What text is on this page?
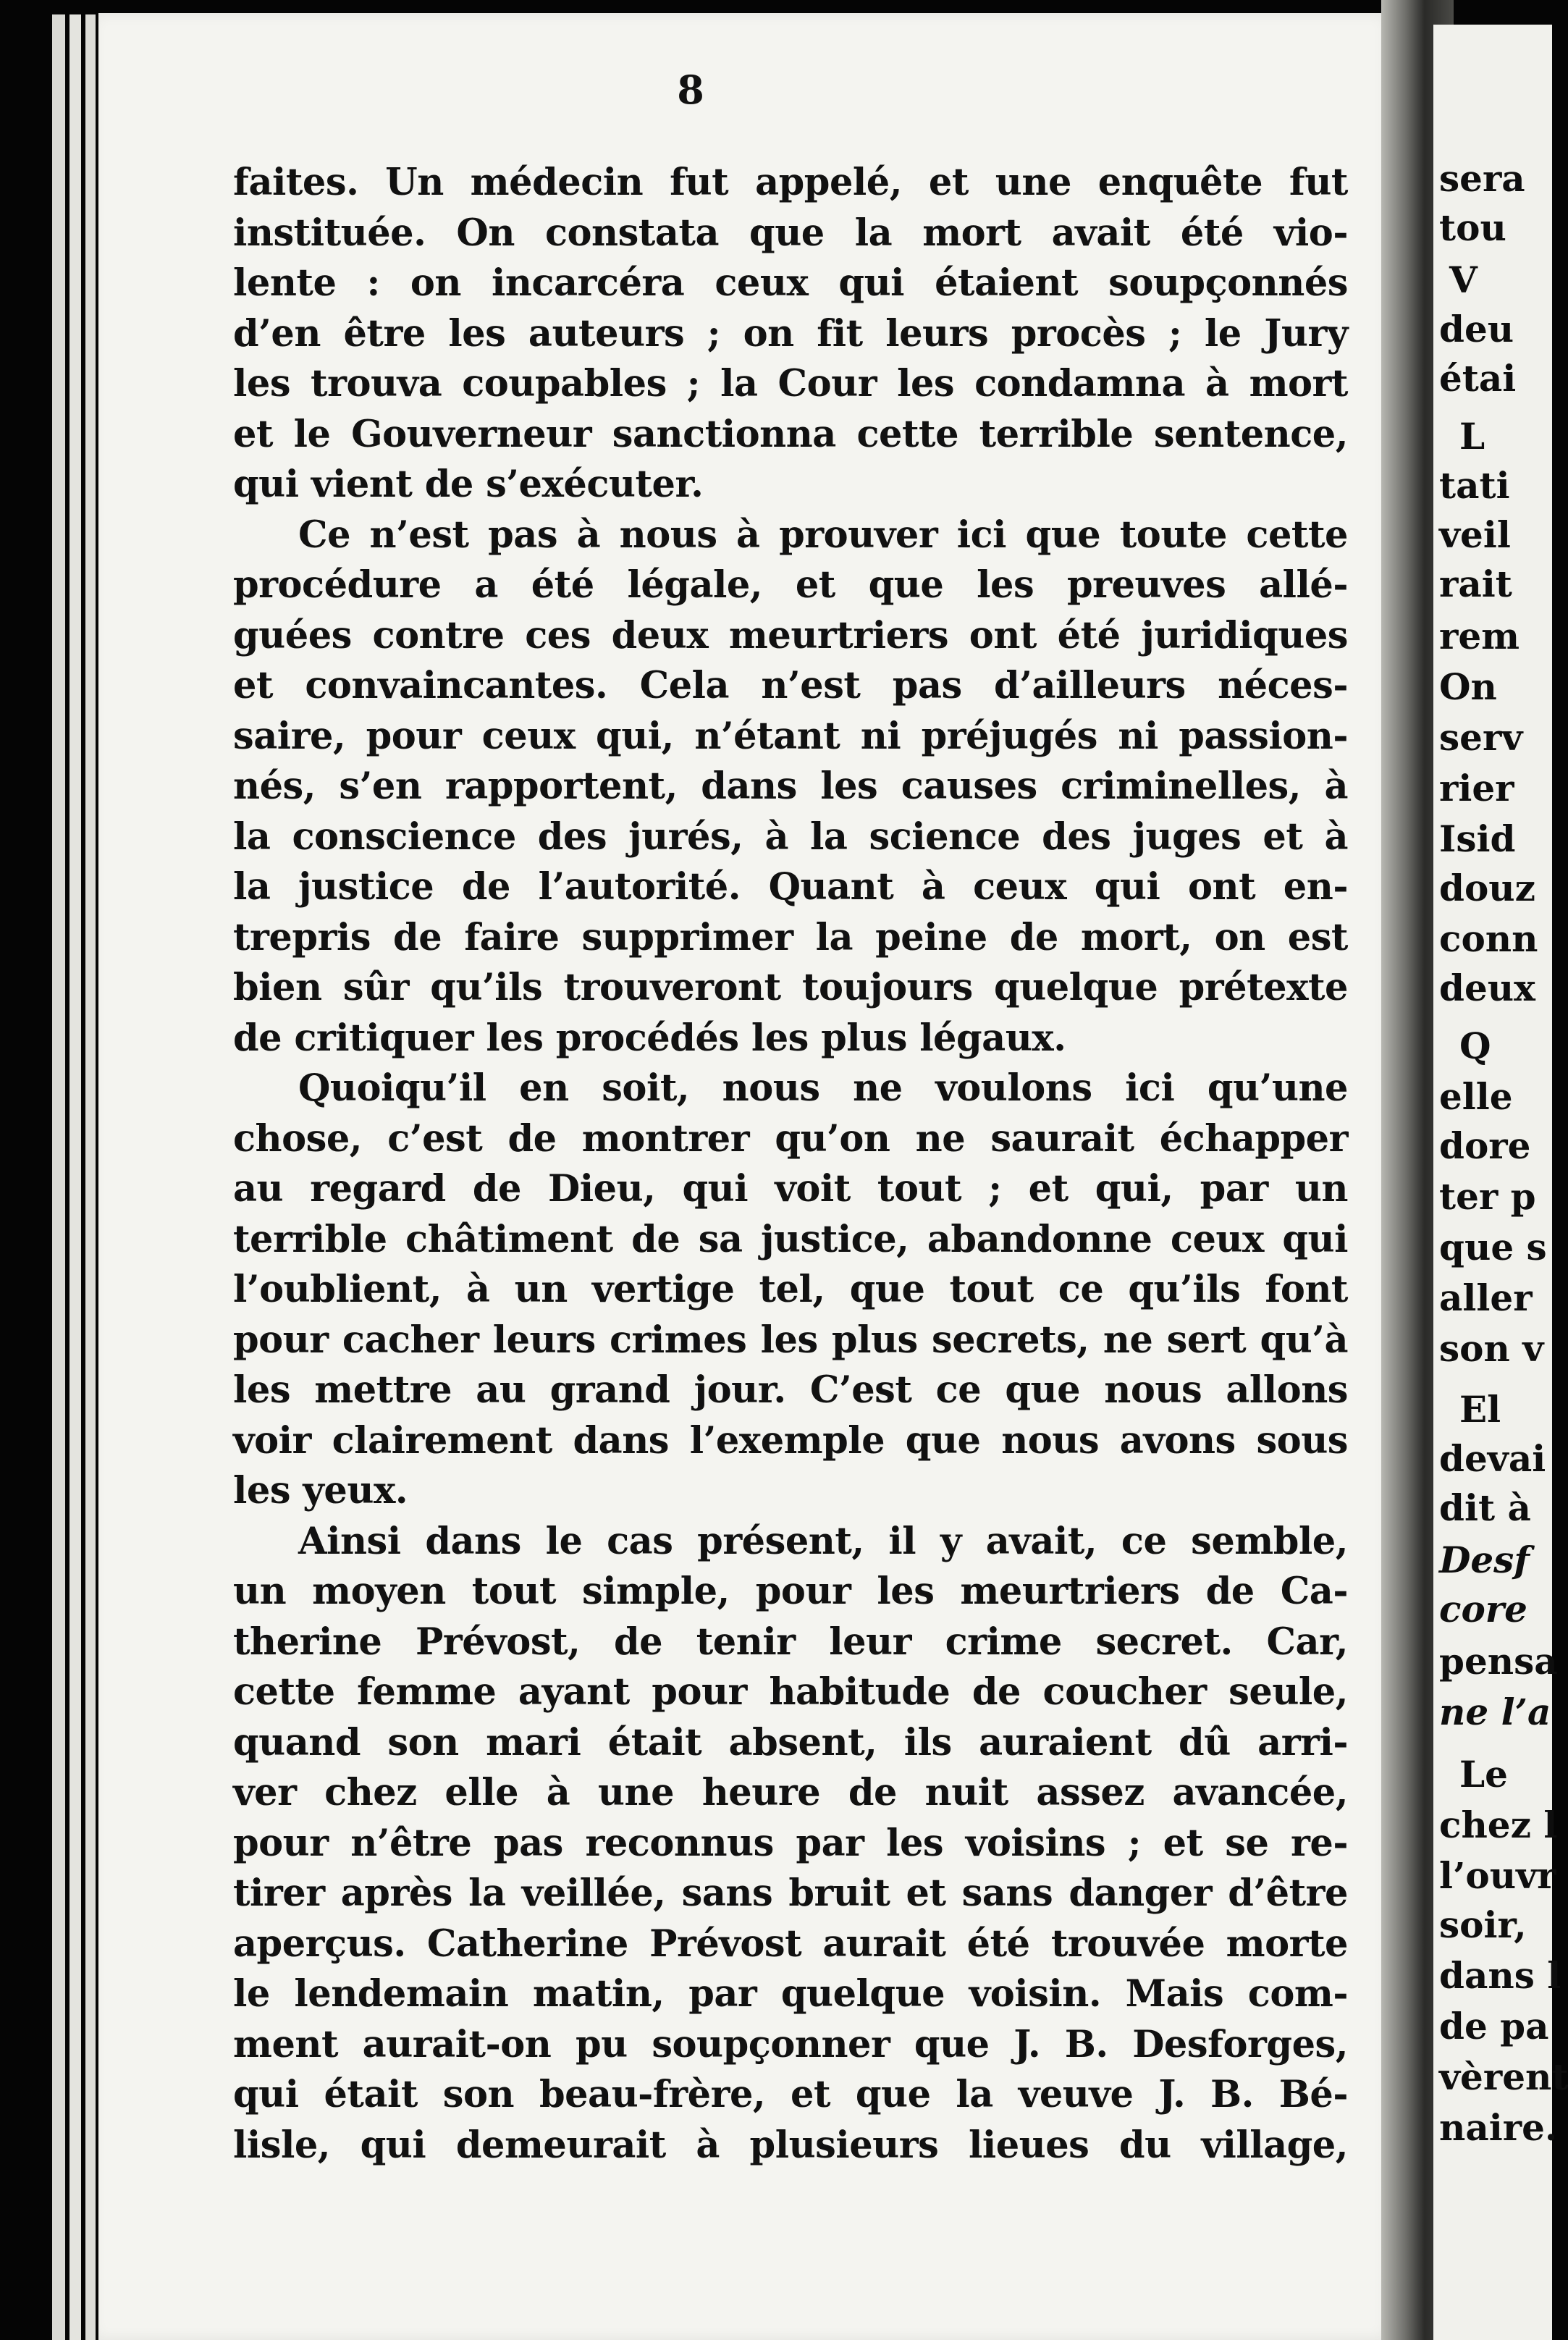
8
faites. Un médecin fut appelé, et une enquête fut
instituée. On constata que la mort avait été vio-
lente : on incarcéra ceux qui étaient soupçonnés
d’en être les auteurs ; on fit leurs procès ; le Jury
les trouva coupables ; la Cour les condamna à mort
et le Gouverneur sanctionna cette terrible sentence,
qui vient de s’exécuter.
Ce n’est pas à nous à prouver ici que toute cette
procédure a été légale, et que les preuves allé-
guées contre ces deux meurtriers ont été juridiques
et convaincantes. Cela n’est pas d’ailleurs néces-
saire, pour ceux qui, n’étant ni préjugés ni passion-
nés, s’en rapportent, dans les causes criminelles, à
la conscience des jurés, à la science des juges et à
la justice de l’autorité. Quant à ceux qui ont en-
trepris de faire supprimer la peine de mort, on est
bien sûr qu’ils trouveront toujours quelque prétexte
de critiquer les procédés les plus légaux.
Quoiqu’il en soit, nous ne voulons ici qu’une
chose, c’est de montrer qu’on ne saurait échapper
au regard de Dieu, qui voit tout ; et qui, par un
terrible châtiment de sa justice, abandonne ceux qui
l’oublient, à un vertige tel, que tout ce qu’ils font
pour cacher leurs crimes les plus secrets, ne sert qu’à
les mettre au grand jour. C’est ce que nous allons
voir clairement dans l’exemple que nous avons sous
les yeux.
Ainsi dans le cas présent, il y avait, ce semble,
un moyen tout simple, pour les meurtriers de Ca-
therine Prévost, de tenir leur crime secret. Car,
cette femme ayant pour habitude de coucher seule,
quand son mari était absent, ils auraient dû arri-
ver chez elle à une heure de nuit assez avancée,
pour n’être pas reconnus par les voisins ; et se re-
tirer après la veillée, sans bruit et sans danger d’être
aperçus. Catherine Prévost aurait été trouvée morte
le lendemain matin, par quelque voisin. Mais com-
ment aurait-on pu soupçonner que J. B. Desforges,
qui était son beau-frère, et que la veuve J. B. Bé-
lisle, qui demeurait à plusieurs lieues du village,
sera
tou
V
deu
étai
L
tati
veil
rait
rem
On
serv
rier
Isid
douz
conn
deux
Q
elle
dore
ter p
que s
aller
son v
El
devai
dit à
Desf
core
pensa
ne l’a
Le
chez l
l’ouvr
soir,
dans l
de pa
vèrent
naire.
